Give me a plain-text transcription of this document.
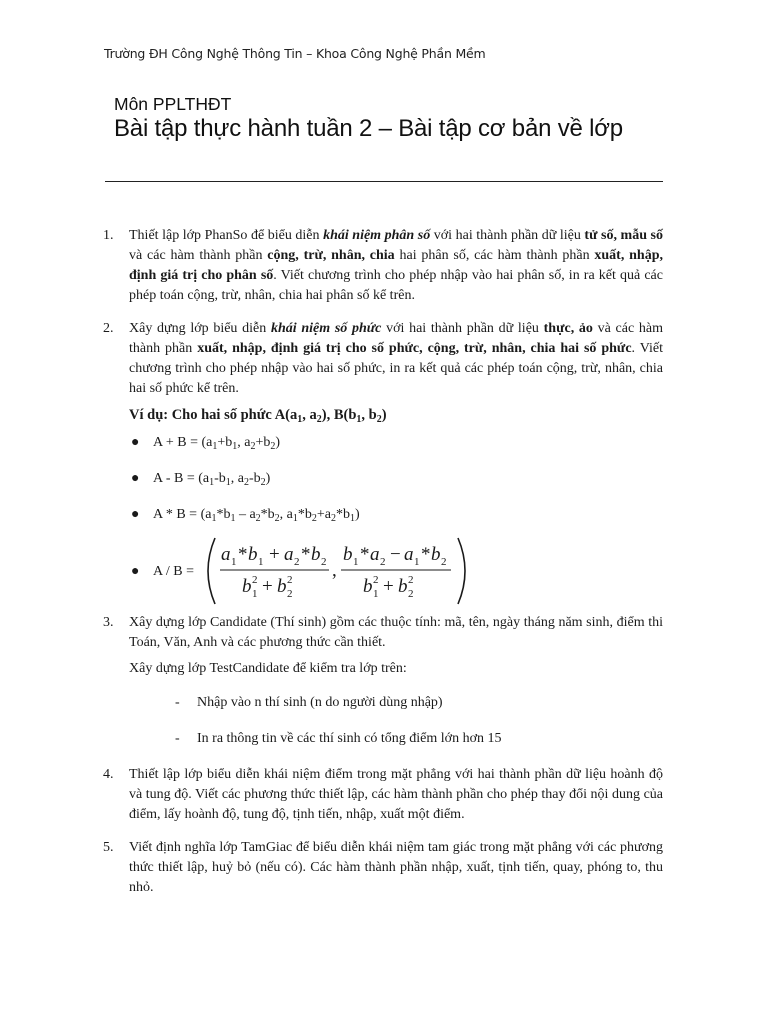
Trường ĐH Công Nghệ Thông Tin – Khoa Công Nghệ Phần Mềm
Môn PPLTHĐT
Bài tập thực hành tuần 2 – Bài tập cơ bản về lớp
1. Thiết lập lớp PhanSo để biểu diễn khái niệm phân số với hai thành phần dữ liệu tử số, mẫu số và các hàm thành phần cộng, trừ, nhân, chia hai phân số, các hàm thành phần xuất, nhập, định giá trị cho phân số. Viết chương trình cho phép nhập vào hai phân số, in ra kết quả các phép toán cộng, trừ, nhân, chia hai phân số kể trên.
2. Xây dựng lớp biểu diễn khái niệm số phức với hai thành phần dữ liệu thực, ảo và các hàm thành phần xuất, nhập, định giá trị cho số phức, cộng, trừ, nhân, chia hai số phức. Viết chương trình cho phép nhập vào hai số phức, in ra kết quả các phép toán cộng, trừ, nhân, chia hai số phức kể trên.
Ví dụ: Cho hai số phức $A(a_1$, $a_2$), $B(b_1$, $b_2$)
● $A + B = (a_1+b_1$, $a_2+b_2$)
● $A - B = (a_1-b_1$, $a_2-b_2$)
● $A * B = (a_1*b_1 - a_2*b_2$, $a_1*b_2+a_2*b_1$)
● A / B =
a 1 * b 1 + a 2 * b 2
b 1
2 + b 2
2 ,
b 1 * a 2 − a 1 * b 2
b 1
2 + b 2
2
3. Xây dựng lớp Candidate (Thí sinh) gồm các thuộc tính: mã, tên, ngày tháng năm sinh, điểm thi Toán, Văn, Anh và các phương thức cần thiết.
Xây dựng lớp TestCandidate để kiểm tra lớp trên:
- Nhập vào n thí sinh (n do người dùng nhập)
- In ra thông tin về các thí sinh có tổng điểm lớn hơn 15
4. Thiết lập lớp biểu diễn khái niệm điểm trong mặt phẳng với hai thành phần dữ liệu hoành độ và tung độ. Viết các phương thức thiết lập, các hàm thành phần cho phép thay đổi nội dung của điểm, lấy hoành độ, tung độ, tịnh tiến, nhập, xuất một điểm.
5. Viết định nghĩa lớp TamGiac để biểu diễn khái niệm tam giác trong mặt phẳng với các phương thức thiết lập, huỷ bỏ (nếu có). Các hàm thành phần nhập, xuất, tịnh tiến, quay, phóng to, thu nhỏ.
